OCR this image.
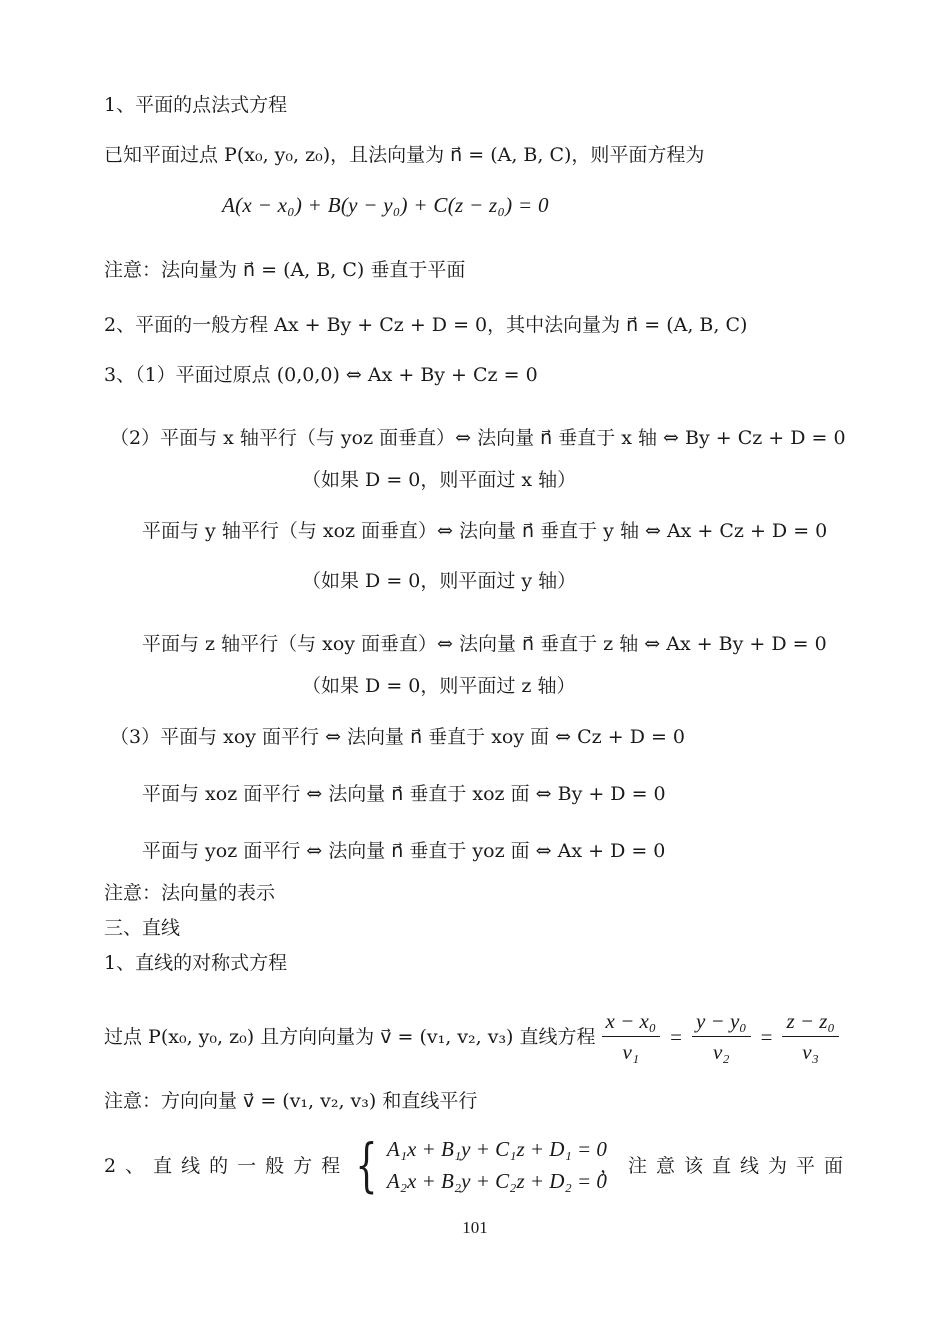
1、平面的点法式方程
已知平面过点 P(x₀, y₀, z₀)，且法向量为 n⃗ = (A, B, C)，则平面方程为
A(x − x₀) + B(y − y₀) + C(z − z₀) = 0
注意：法向量为 n⃗ = (A, B, C) 垂直于平面
2、平面的一般方程 Ax + By + Cz + D = 0，其中法向量为 n⃗ = (A, B, C)
3、（1）平面过原点 (0,0,0) ⇔ Ax + By + Cz = 0
（2）平面与 x 轴平行（与 yoz 面垂直）⇔ 法向量 n⃗ 垂直于 x 轴 ⇔ By + Cz + D = 0
（如果 D = 0，则平面过 x 轴）
平面与 y 轴平行（与 xoz 面垂直）⇔ 法向量 n⃗ 垂直于 y 轴 ⇔ Ax + Cz + D = 0
（如果 D = 0，则平面过 y 轴）
平面与 z 轴平行（与 xoy 面垂直）⇔ 法向量 n⃗ 垂直于 z 轴 ⇔ Ax + By + D = 0
（如果 D = 0，则平面过 z 轴）
（3）平面与 xoy 面平行 ⇔ 法向量 n⃗ 垂直于 xoy 面 ⇔ Cz + D = 0
平面与 xoz 面平行 ⇔ 法向量 n⃗ 垂直于 xoz 面 ⇔ By + D = 0
平面与 yoz 面平行 ⇔ 法向量 n⃗ 垂直于 yoz 面 ⇔ Ax + D = 0
注意：法向量的表示
三、直线
1、直线的对称式方程
过点 P(x₀, y₀, z₀) 且方向向量为 v⃗ = (v₁, v₂, v₃) 直线方程 $\frac{\text{x − x₀}}{\text{v₁}} = \frac{\text{y − y₀}}{\text{v₂}} = \frac{\text{z − z₀}}{\text{v₃}}$
注意：方向向量 v⃗ = (v₁, v₂, v₃) 和直线平行
2、直线的一般方程 { A₁x + B₁y + C₁z + D₁ = 0
A₂x + B₂y + C₂z + D₂ = 0
，注意该直线为平面
101
